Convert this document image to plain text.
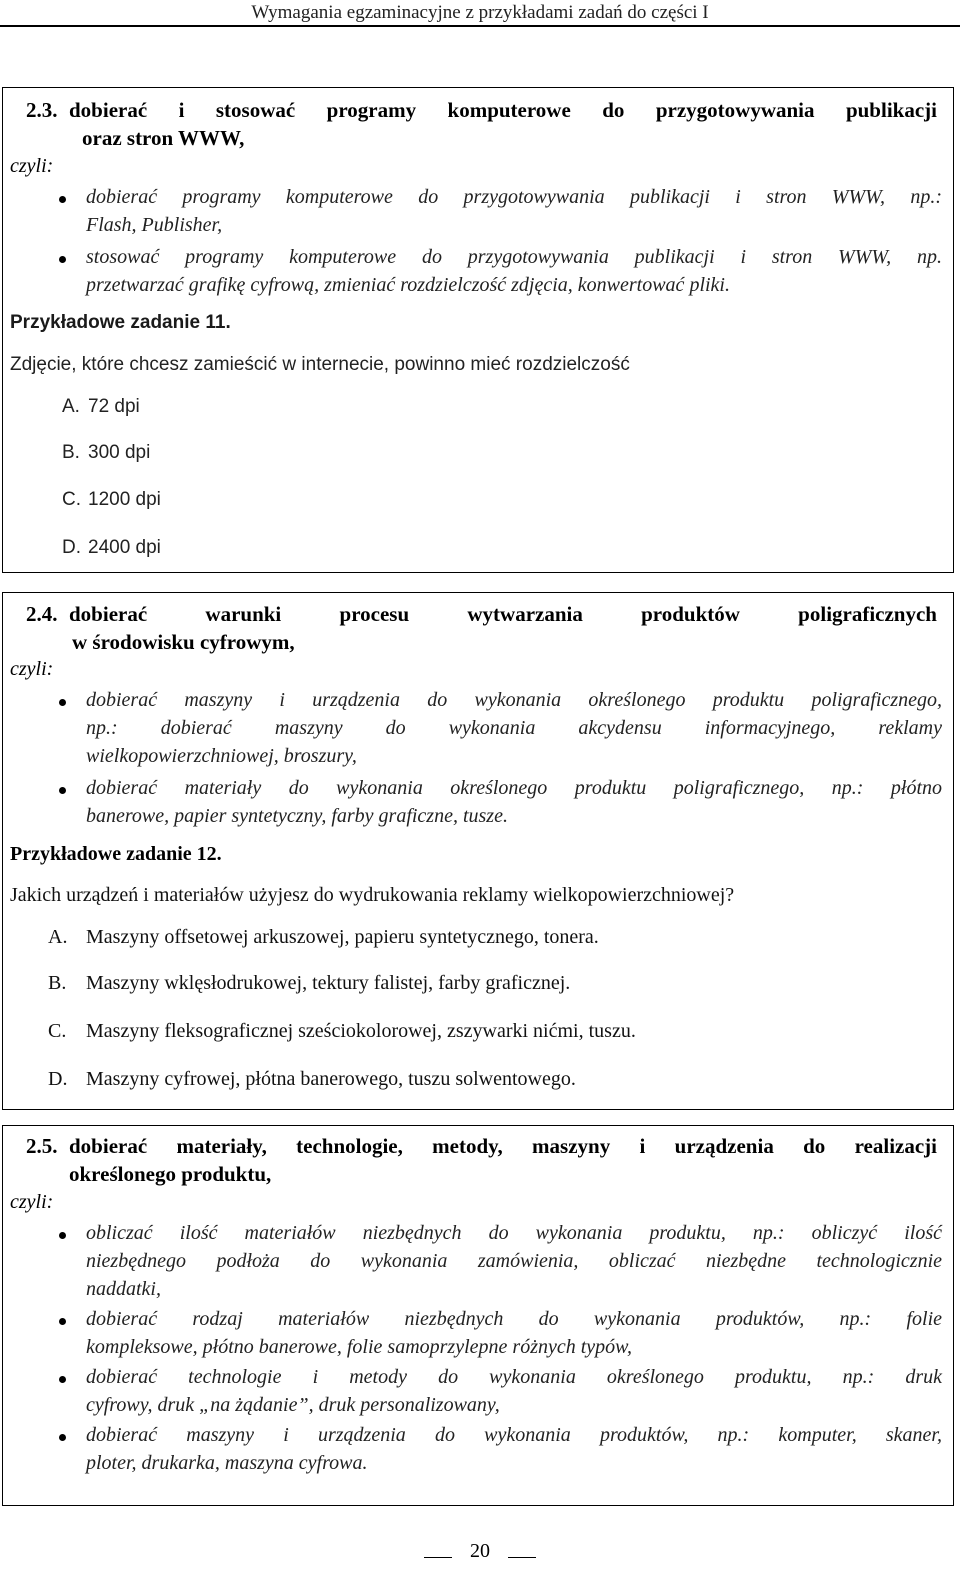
Wymagania egzaminacyjne z przykładami zadań do części I
2.3. dobierać i stosować programy komputerowe do przygotowywania publikacji
oraz stron WWW,
czyli:
dobierać programy komputerowe do przygotowywania publikacji i stron WWW, np.:
Flash, Publisher,
stosować programy komputerowe do przygotowywania publikacji i stron WWW, np.
przetwarzać grafikę cyfrową, zmieniać rozdzielczość zdjęcia, konwertować pliki.
Przykładowe zadanie 11.
Zdjęcie, które chcesz zamieścić w internecie, powinno mieć rozdzielczość
A. 72 dpi
B. 300 dpi
C. 1200 dpi
D. 2400 dpi
2.4. dobierać warunki procesu wytwarzania produktów poligraficznych
w środowisku cyfrowym,
czyli:
dobierać maszyny i urządzenia do wykonania określonego produktu poligraficznego,
np.: dobierać maszyny do wykonania akcydensu informacyjnego, reklamy
wielkopowierzchniowej, broszury,
dobierać materiały do wykonania określonego produktu poligraficznego, np.: płótno
banerowe, papier syntetyczny, farby graficzne, tusze.
Przykładowe zadanie 12.
Jakich urządzeń i materiałów użyjesz do wydrukowania reklamy wielkopowierzchniowej?
A. Maszyny offsetowej arkuszowej, papieru syntetycznego, tonera.
B. Maszyny wklęsłodrukowej, tektury falistej, farby graficznej.
C. Maszyny fleksograficznej sześciokolorowej, zszywarki nićmi, tuszu.
D. Maszyny cyfrowej, płótna banerowego, tuszu solwentowego.
2.5. dobierać materiały, technologie, metody, maszyny i urządzenia do realizacji
określonego produktu,
czyli:
obliczać ilość materiałów niezbędnych do wykonania produktu, np.: obliczyć ilość
niezbędnego podłoża do wykonania zamówienia, obliczać niezbędne technologicznie
naddatki,
dobierać rodzaj materiałów niezbędnych do wykonania produktów, np.: folie
kompleksowe, płótno banerowe, folie samoprzylepne różnych typów,
dobierać technologie i metody do wykonania określonego produktu, np.: druk
cyfrowy, druk „na żądanie”, druk personalizowany,
dobierać maszyny i urządzenia do wykonania produktów, np.: komputer, skaner,
ploter, drukarka, maszyna cyfrowa.
20
